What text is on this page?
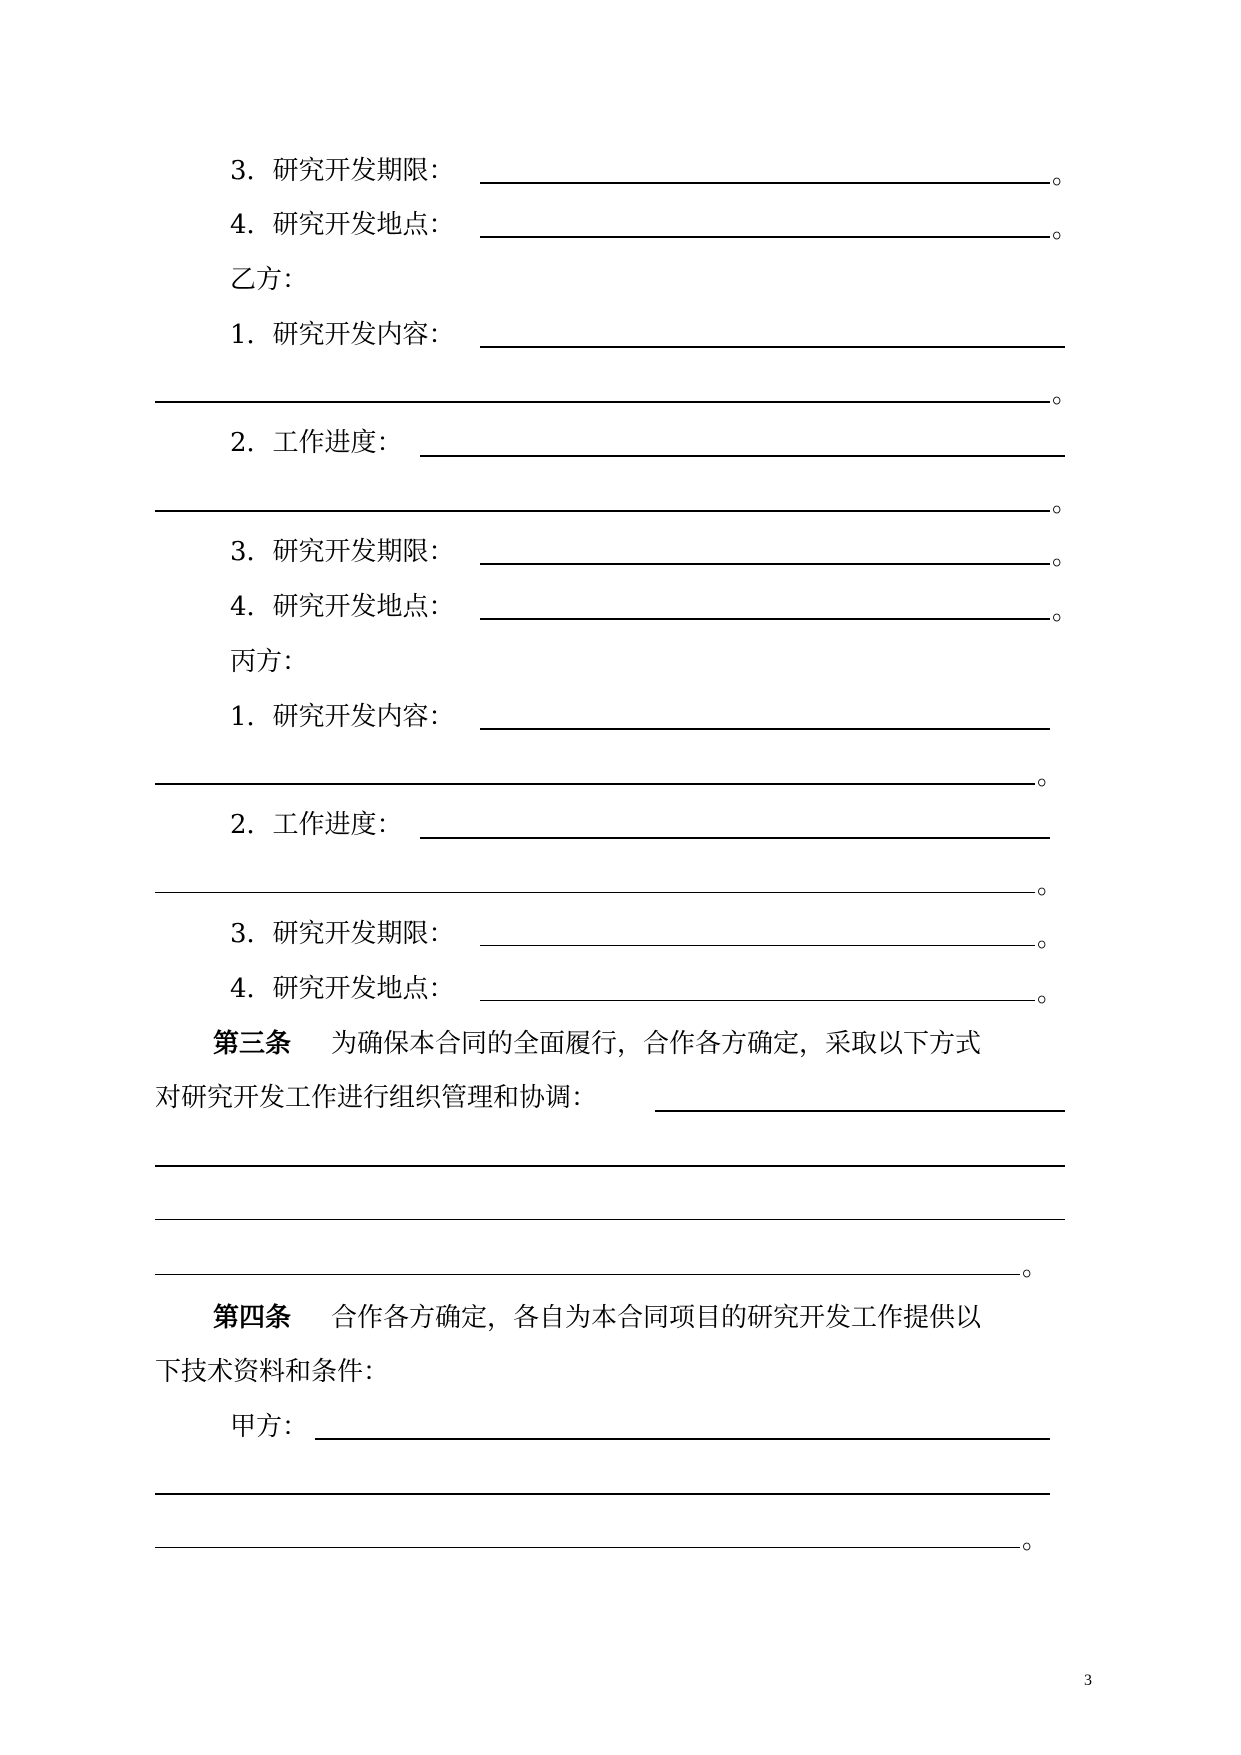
3．研究开发期限：	。
4．研究开发地点：	。
乙方：
1．研究开发内容：
。
2．工作进度：
。
3．研究开发期限：	。
4．研究开发地点：	。
丙方：
1．研究开发内容：
。
2．工作进度：
。
3．研究开发期限：	。
4．研究开发地点：	。
第三条 为确保本合同的全面履行，合作各方确定，采取以下方式
对研究开发工作进行组织管理和协调：
。
第四条 合作各方确定，各自为本合同项目的研究开发工作提供以
下技术资料和条件：
甲方：
。
3
